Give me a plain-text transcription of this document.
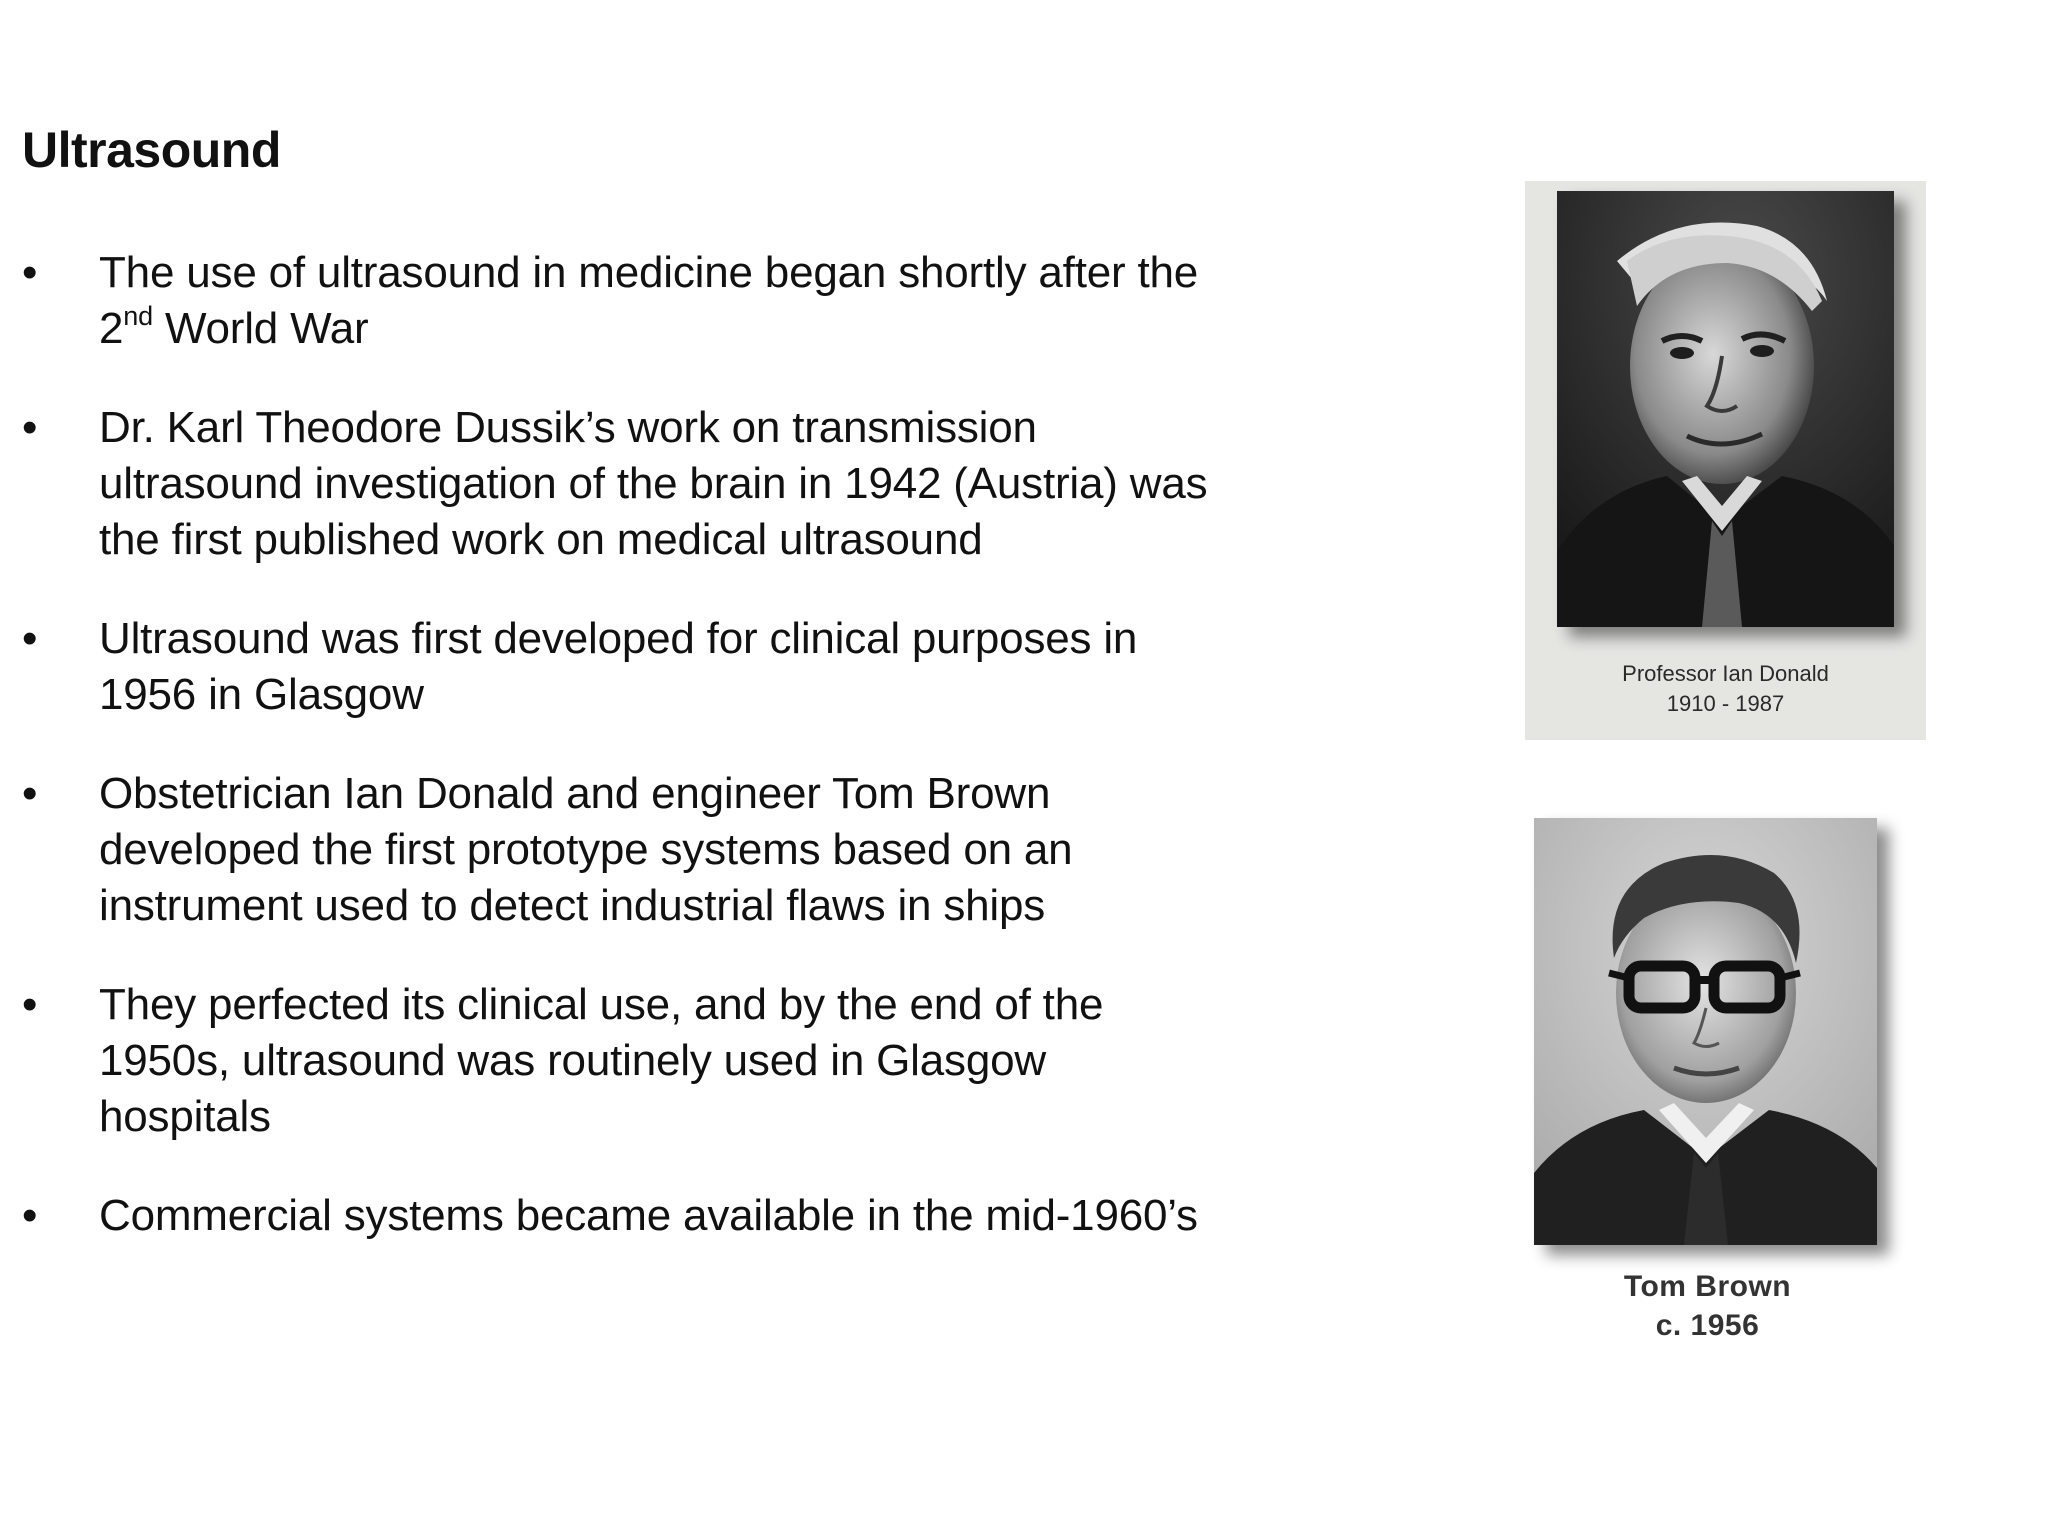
Ultrasound
•	The use of ultrasound in medicine began shortly after the
2nd World War
•	Dr. Karl Theodore Dussik’s work on transmission
ultrasound investigation of the brain in 1942 (Austria) was
the first published work on medical ultrasound
•	Ultrasound was first developed for clinical purposes in
1956 in Glasgow
•	Obstetrician Ian Donald and engineer Tom Brown
developed the first prototype systems based on an
instrument used to detect industrial flaws in ships
•	They perfected its clinical use, and by the end of the
1950s, ultrasound was routinely used in Glasgow
hospitals
•	Commercial systems became available in the mid-1960’s
Professor Ian Donald
1910 - 1987
Tom Brown
c. 1956
